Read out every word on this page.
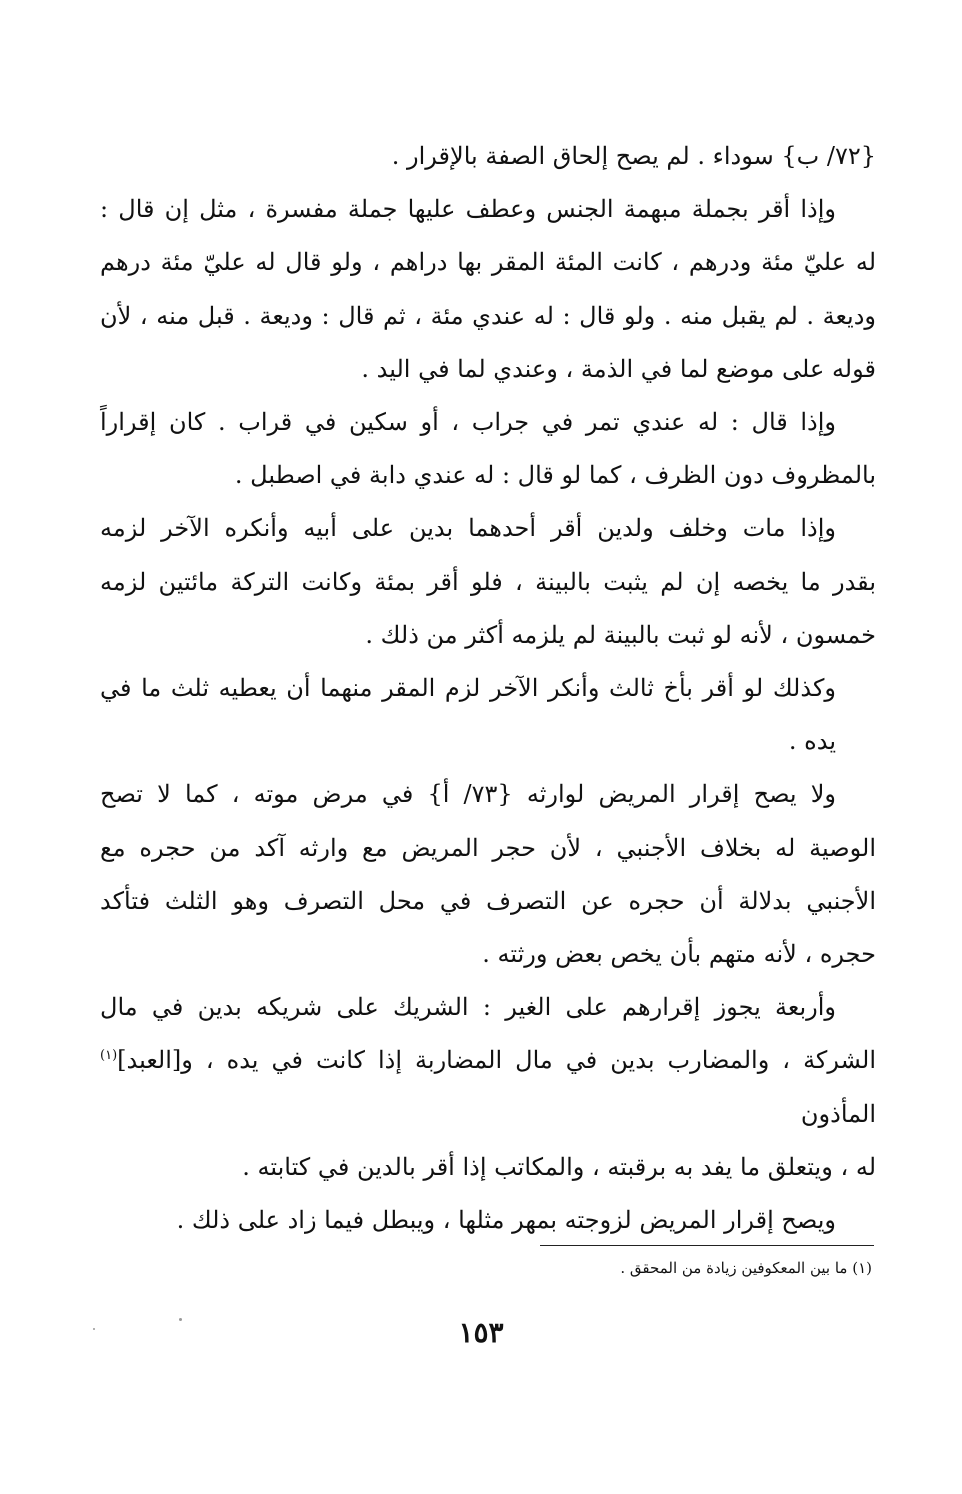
{٧٢/ ب} سوداء . لم يصح إلحاق الصفة بالإقرار .

وإذا أقر بجملة مبهمة الجنس وعطف عليها جملة مفسرة ، مثل إن قال :
له عليّ مئة ودرهم ، كانت المئة المقر بها دراهم ، ولو قال له عليّ مئة درهم
وديعة . لم يقبل منه . ولو قال : له عندي مئة ، ثم قال : وديعة . قبل منه ، لأن
قوله على موضع لما في الذمة ، وعندي لما في اليد .

وإذا قال : له عندي تمر في جراب ، أو سكين في قراب . كان إقراراً
بالمظروف دون الظرف ، كما لو قال : له عندي دابة في اصطبل .

وإذا مات وخلف ولدين أقر أحدهما بدين على أبيه وأنكره الآخر لزمه
بقدر ما يخصه إن لم يثبت بالبينة ، فلو أقر بمئة وكانت التركة مائتين لزمه
خمسون ، لأنه لو ثبت بالبينة لم يلزمه أكثر من ذلك .

وكذلك لو أقر بأخ ثالث وأنكر الآخر لزم المقر منهما أن يعطيه ثلث ما في يده .

ولا يصح إقرار المريض لوارثه {٧٣/ أ} في مرض موته ، كما لا تصح
الوصية له بخلاف الأجنبي ، لأن حجر المريض مع وارثه آكد من حجره مع
الأجنبي بدلالة أن حجره عن التصرف في محل التصرف وهو الثلث فتأكد
حجره ، لأنه متهم بأن يخص بعض ورثته .

وأربعة يجوز إقرارهم على الغير : الشريك على شريكه بدين في مال
الشركة ، والمضارب بدين في مال المضاربة إذا كانت في يده ، و[العبد]$^{(١)}$ المأذون
له ، ويتعلق ما يفد به برقبته ، والمكاتب إذا أقر بالدين في كتابته .

ويصح إقرار المريض لزوجته بمهر مثلها ، ويبطل فيما زاد على ذلك .

(١) ما بين المعكوفين زيادة من المحقق .
١٥٣
